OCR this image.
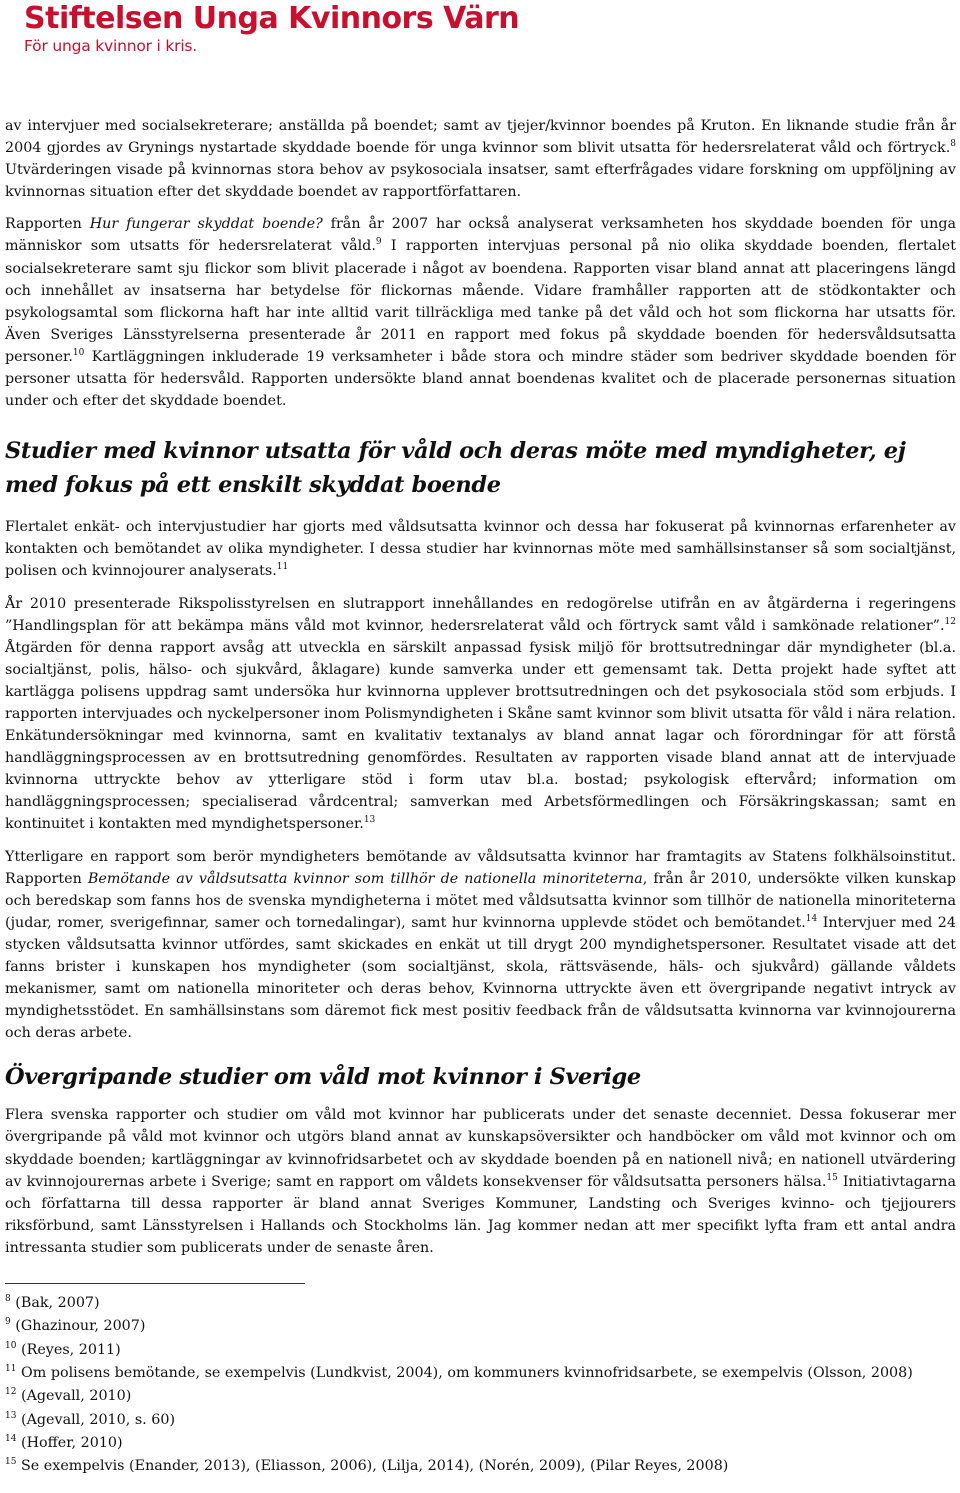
Stiftelsen Unga Kvinnors Värn
För unga kvinnor i kris.

av intervjuer med socialsekreterare; anställda på boendet; samt av tjejer/kvinnor boendes på Kruton. En liknande studie från år 2004 gjordes av Grynings nystartade skyddade boende för unga kvinnor som blivit utsatta för hedersrelaterat våld och förtryck.$^8$ Utvärderingen visade på kvinnornas stora behov av psykosociala insatser, samt efterfrågades vidare forskning om uppföljning av kvinnornas situation efter det skyddade boendet av rapportförfattaren.

Rapporten Hur fungerar skyddat boende? från år 2007 har också analyserat verksamheten hos skyddade boenden för unga människor som utsatts för hedersrelaterat våld.$^9$ I rapporten intervjuas personal på nio olika skyddade boenden, flertalet socialsekreterare samt sju flickor som blivit placerade i något av boendena. Rapporten visar bland annat att placeringens längd och innehållet av insatserna har betydelse för flickornas mående. Vidare framhåller rapporten att de stödkontakter och psykologsamtal som flickorna haft har inte alltid varit tillräckliga med tanke på det våld och hot som flickorna har utsatts för. Även Sveriges Länsstyrelserna presenterade år 2011 en rapport med fokus på skyddade boenden för hedersvåldsutsatta personer.$^{10}$ Kartläggningen inkluderade 19 verksamheter i både stora och mindre städer som bedriver skyddade boenden för personer utsatta för hedersvåld. Rapporten undersökte bland annat boendenas kvalitet och de placerade personernas situation under och efter det skyddade boendet.

Studier med kvinnor utsatta för våld och deras möte med myndigheter, ej med fokus på ett enskilt skyddat boende

Flertalet enkät- och intervjustudier har gjorts med våldsutsatta kvinnor och dessa har fokuserat på kvinnornas erfarenheter av kontakten och bemötandet av olika myndigheter. I dessa studier har kvinnornas möte med samhällsinstanser så som socialtjänst, polisen och kvinnojourer analyserats.$^{11}$

År 2010 presenterade Rikspolisstyrelsen en slutrapport innehållandes en redogörelse utifrån en av åtgärderna i regeringens ”Handlingsplan för att bekämpa mäns våld mot kvinnor, hedersrelaterat våld och förtryck samt våld i samkönade relationer”.$^{12}$ Åtgärden för denna rapport avsåg att utveckla en särskilt anpassad fysisk miljö för brottsutredningar där myndigheter (bl.a. socialtjänst, polis, hälso- och sjukvård, åklagare) kunde samverka under ett gemensamt tak. Detta projekt hade syftet att kartlägga polisens uppdrag samt undersöka hur kvinnorna upplever brottsutredningen och det psykosociala stöd som erbjuds. I rapporten intervjuades och nyckelpersoner inom Polismyndigheten i Skåne samt kvinnor som blivit utsatta för våld i nära relation. Enkätundersökningar med kvinnorna, samt en kvalitativ textanalys av bland annat lagar och förordningar för att förstå handläggningsprocessen av en brottsutredning genomfördes. Resultaten av rapporten visade bland annat att de intervjuade kvinnorna uttryckte behov av ytterligare stöd i form utav bl.a. bostad; psykologisk eftervård; information om handläggningsprocessen; specialiserad vårdcentral; samverkan med Arbetsförmedlingen och Försäkringskassan; samt en kontinuitet i kontakten med myndighetspersoner.$^{13}$

Ytterligare en rapport som berör myndigheters bemötande av våldsutsatta kvinnor har framtagits av Statens folkhälsoinstitut. Rapporten Bemötande av våldsutsatta kvinnor som tillhör de nationella minoriteterna, från år 2010, undersökte vilken kunskap och beredskap som fanns hos de svenska myndigheterna i mötet med våldsutsatta kvinnor som tillhör de nationella minoriteterna (judar, romer, sverigefinnar, samer och tornedalingar), samt hur kvinnorna upplevde stödet och bemötandet.$^{14}$ Intervjuer med 24 stycken våldsutsatta kvinnor utfördes, samt skickades en enkät ut till drygt 200 myndighetspersoner. Resultatet visade att det fanns brister i kunskapen hos myndigheter (som socialtjänst, skola, rättsväsende, häls- och sjukvård) gällande våldets mekanismer, samt om nationella minoriteter och deras behov, Kvinnorna uttryckte även ett övergripande negativt intryck av myndighetsstödet. En samhällsinstans som däremot fick mest positiv feedback från de våldsutsatta kvinnorna var kvinnojourerna och deras arbete.

Övergripande studier om våld mot kvinnor i Sverige

Flera svenska rapporter och studier om våld mot kvinnor har publicerats under det senaste decenniet. Dessa fokuserar mer övergripande på våld mot kvinnor och utgörs bland annat av kunskapsöversikter och handböcker om våld mot kvinnor och om skyddade boenden; kartläggningar av kvinnofridsarbetet och av skyddade boenden på en nationell nivå; en nationell utvärdering av kvinnojourernas arbete i Sverige; samt en rapport om våldets konsekvenser för våldsutsatta personers hälsa.$^{15}$ Initiativtagarna och författarna till dessa rapporter är bland annat Sveriges Kommuner, Landsting och Sveriges kvinno- och tjejjourers riksförbund, samt Länsstyrelsen i Hallands och Stockholms län. Jag kommer nedan att mer specifikt lyfta fram ett antal andra intressanta studier som publicerats under de senaste åren.

$^8$ (Bak, 2007)
$^9$ (Ghazinour, 2007)
$^{10}$ (Reyes, 2011)
$^{11}$ Om polisens bemötande, se exempelvis (Lundkvist, 2004), om kommuners kvinnofridsarbete, se exempelvis (Olsson, 2008)
$^{12}$ (Agevall, 2010)
$^{13}$ (Agevall, 2010, s. 60)
$^{14}$ (Hoffer, 2010)
$^{15}$ Se exempelvis (Enander, 2013), (Eliasson, 2006), (Lilja, 2014), (Norén, 2009), (Pilar Reyes, 2008)
